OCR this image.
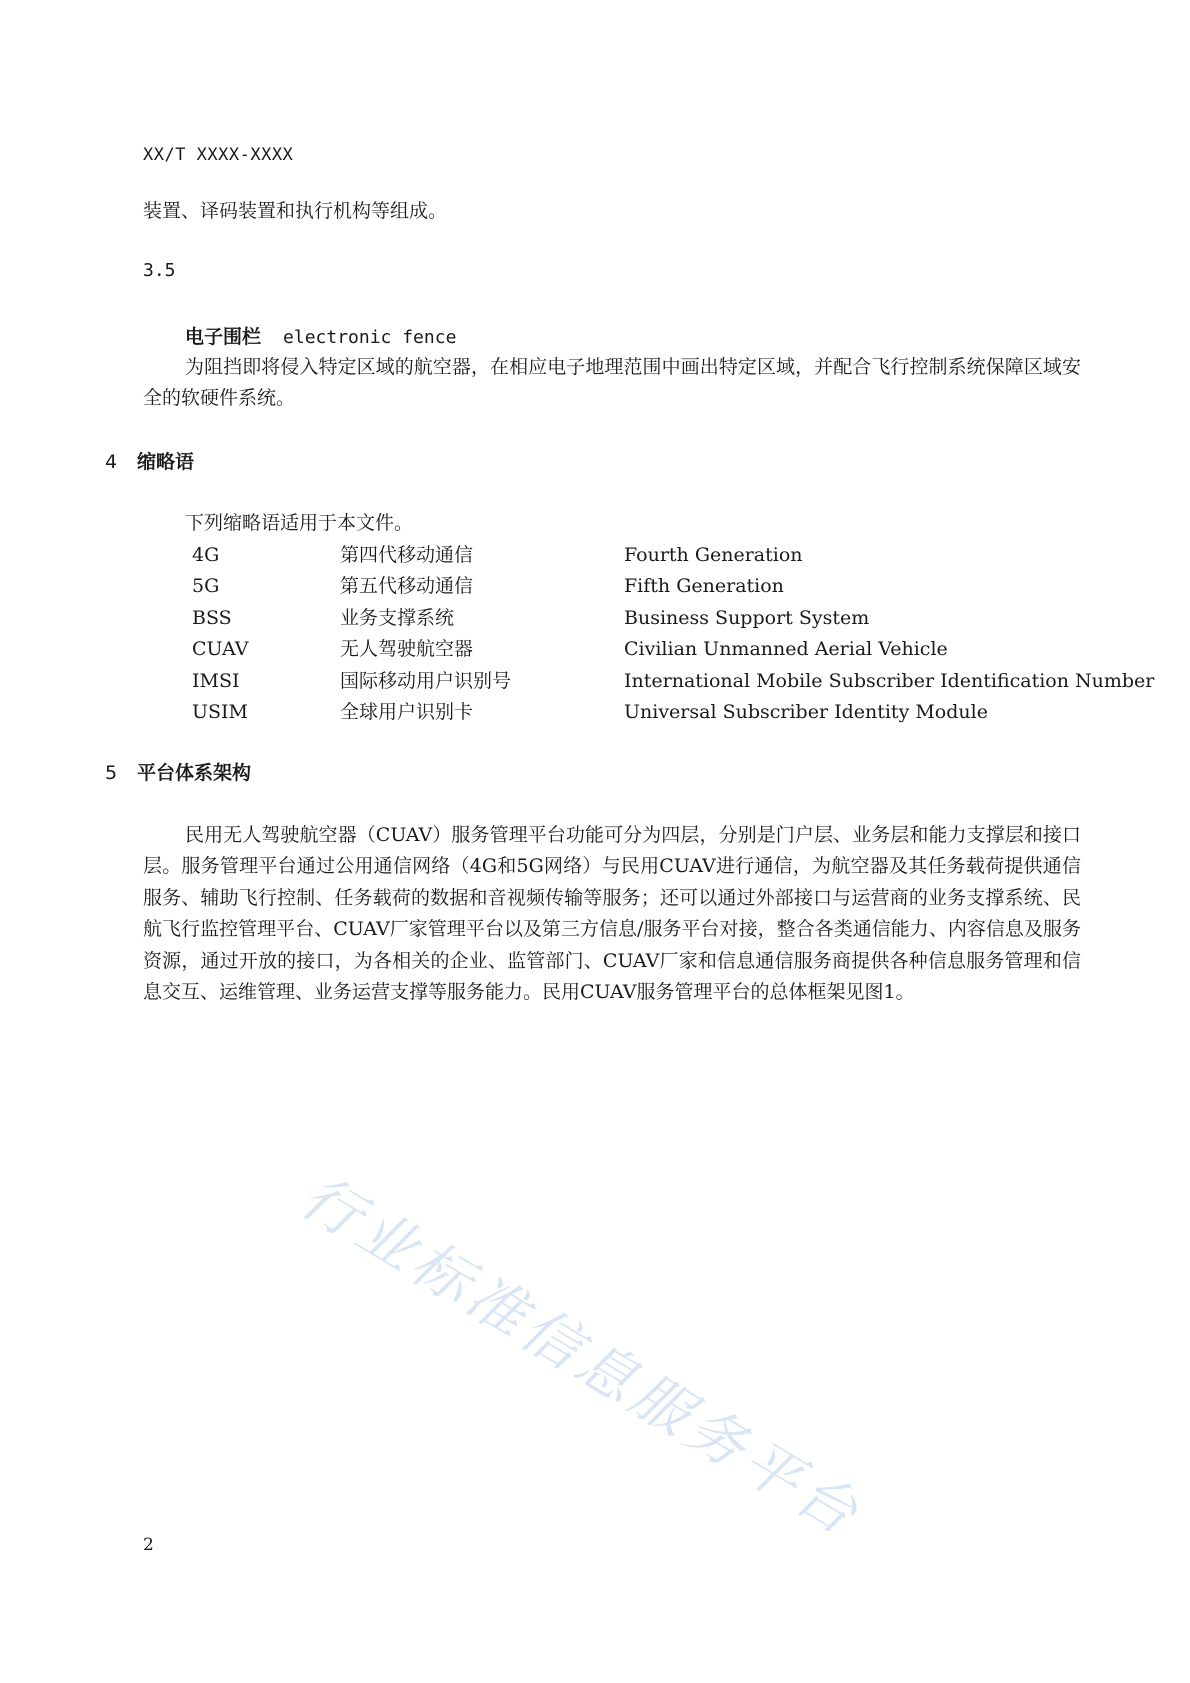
XX/T XXXX-XXXX

装置、译码装置和执行机构等组成。

3.5
电子围栏 electronic fence

为阻挡即将侵入特定区域的航空器，在相应电子地理范围中画出特定区域，并配合飞行控制系统保障区域安全的软硬件系统。

4 缩略语

下列缩略语适用于本文件。

4G	第四代移动通信	Fourth Generation
5G	第五代移动通信	Fifth Generation
BSS	业务支撑系统	Business Support System
CUAV	无人驾驶航空器	Civilian Unmanned Aerial Vehicle
IMSI	国际移动用户识别号	International Mobile Subscriber Identification Number
USIM	全球用户识别卡	Universal Subscriber Identity Module
5 平台体系架构

民用无人驾驶航空器（CUAV）服务管理平台功能可分为四层，分别是门户层、业务层和能力支撑层和接口层。服务管理平台通过公用通信网络（4G和5G网络）与民用CUAV进行通信，为航空器及其任务载荷提供通信服务、辅助飞行控制、任务载荷的数据和音视频传输等服务；还可以通过外部接口与运营商的业务支撑系统、民航飞行监控管理平台、CUAV厂家管理平台以及第三方信息/服务平台对接，整合各类通信能力、内容信息及服务资源，通过开放的接口，为各相关的企业、监管部门、CUAV厂家和信息通信服务商提供各种信息服务管理和信息交互、运维管理、业务运营支撑等服务能力。民用CUAV服务管理平台的总体框架见图1。

行业标准信息服务平台
2
